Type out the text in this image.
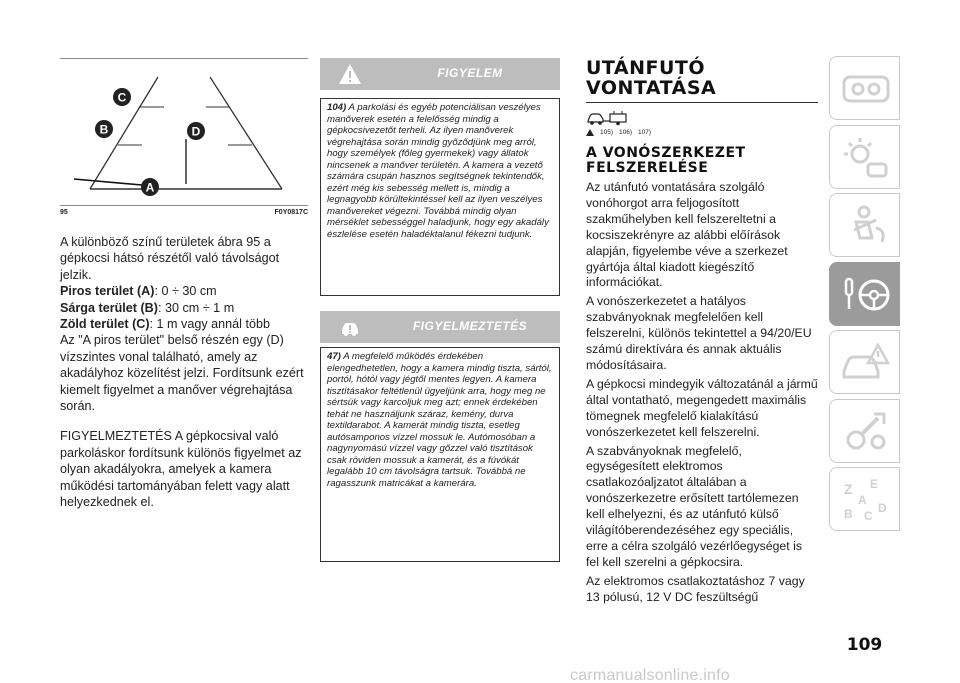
C
B	D
A
95	F0Y0817C
A különböző színű területek ábra 95 a gépkocsi hátsó részétől való távolságot jelzik.
Piros terület (A): 0 ÷ 30 cm
Sárga terület (B): 30 cm ÷ 1 m
Zöld terület (C): 1 m vagy annál több
Az "A piros terület" belső részén egy (D) vízszintes vonal található, amely az akadályhoz közelítést jelzi. Fordítsunk ezért kiemelt figyelmet a manőver végrehajtása során.
FIGYELMEZTETÉS A gépkocsival való parkoláskor fordítsunk különös figyelmet az olyan akadályokra, amelyek a kamera működési tartományában felett vagy alatt helyezkednek el.
FIGYELEM
104) A parkolási és egyéb potenciálisan veszélyes manőverek esetén a felelősség mindig a gépkocsivezetőt terheli. Az ilyen manőverek végrehajtása során mindig győződjünk meg arról, hogy személyek (főleg gyermekek) vagy állatok nincsenek a manőver területén. A kamera a vezető számára csupán hasznos segítségnek tekintendők, ezért még kis sebesség mellett is, mindig a legnagyobb körültekintéssel kell az ilyen veszélyes manővereket végezni. Továbbá mindig olyan mérséklet sebességgel haladjunk, hogy egy akadály észlelése esetén haladéktalanul fékezni tudjunk.
FIGYELMEZTETÉS
47) A megfelelő működés érdekében elengedhetetlen, hogy a kamera mindig tiszta, sártól, portól, hótól vagy jégtől mentes legyen. A kamera tisztításakor feltétlenül ügyeljünk arra, hogy meg ne sértsük vagy karcoljuk meg azt; ennek érdekében tehát ne használjunk száraz, kemény, durva textildarabot. A kamerát mindig tiszta, esetleg autósamponos vízzel mossuk le. Autómosóban a nagynyomású vízzel vagy gőzzel való tisztítások csak röviden mossuk a kamerát, és a fúvókát legalább 10 cm távolságra tartsuk. Továbbá ne ragasszunk matricákat a kamerára.
UTÁNFUTÓ
VONTATÁSA
105) 106) 107)
A VONÓSZERKEZET
FELSZERELÉSE
Az utánfutó vontatására szolgáló vonóhorgot arra feljogosított szakműhelyben kell felszereltetni a kocsiszekrényre az alábbi előírások alapján, figyelembe véve a szerkezet gyártója által kiadott kiegészítő információkat.
A vonószerkezetet a hatályos szabványoknak megfelelően kell felszerelni, különös tekintettel a 94/20/EU számú direktívára és annak aktuális módosításaira.
A gépkocsi mindegyik változatánál a jármű által vontatható, megengedett maximális tömegnek megfelelő kialakítású vonószerkezetet kell felszerelni.
A szabványoknak megfelelő, egységesített elektromos csatlakozóaljzatot általában a vonószerkezetre erősített tartólemezen kell elhelyezni, és az utánfutó külső világítóberendezéséhez egy speciális, erre a célra szolgáló vezérlőegységet is fel kell szerelni a gépkocsira.
Az elektromos csatlakoztatáshoz 7 vagy 13 pólusú, 12 V DC feszültségű
Z E
A
B C
D
109
carmanualsonline.info
